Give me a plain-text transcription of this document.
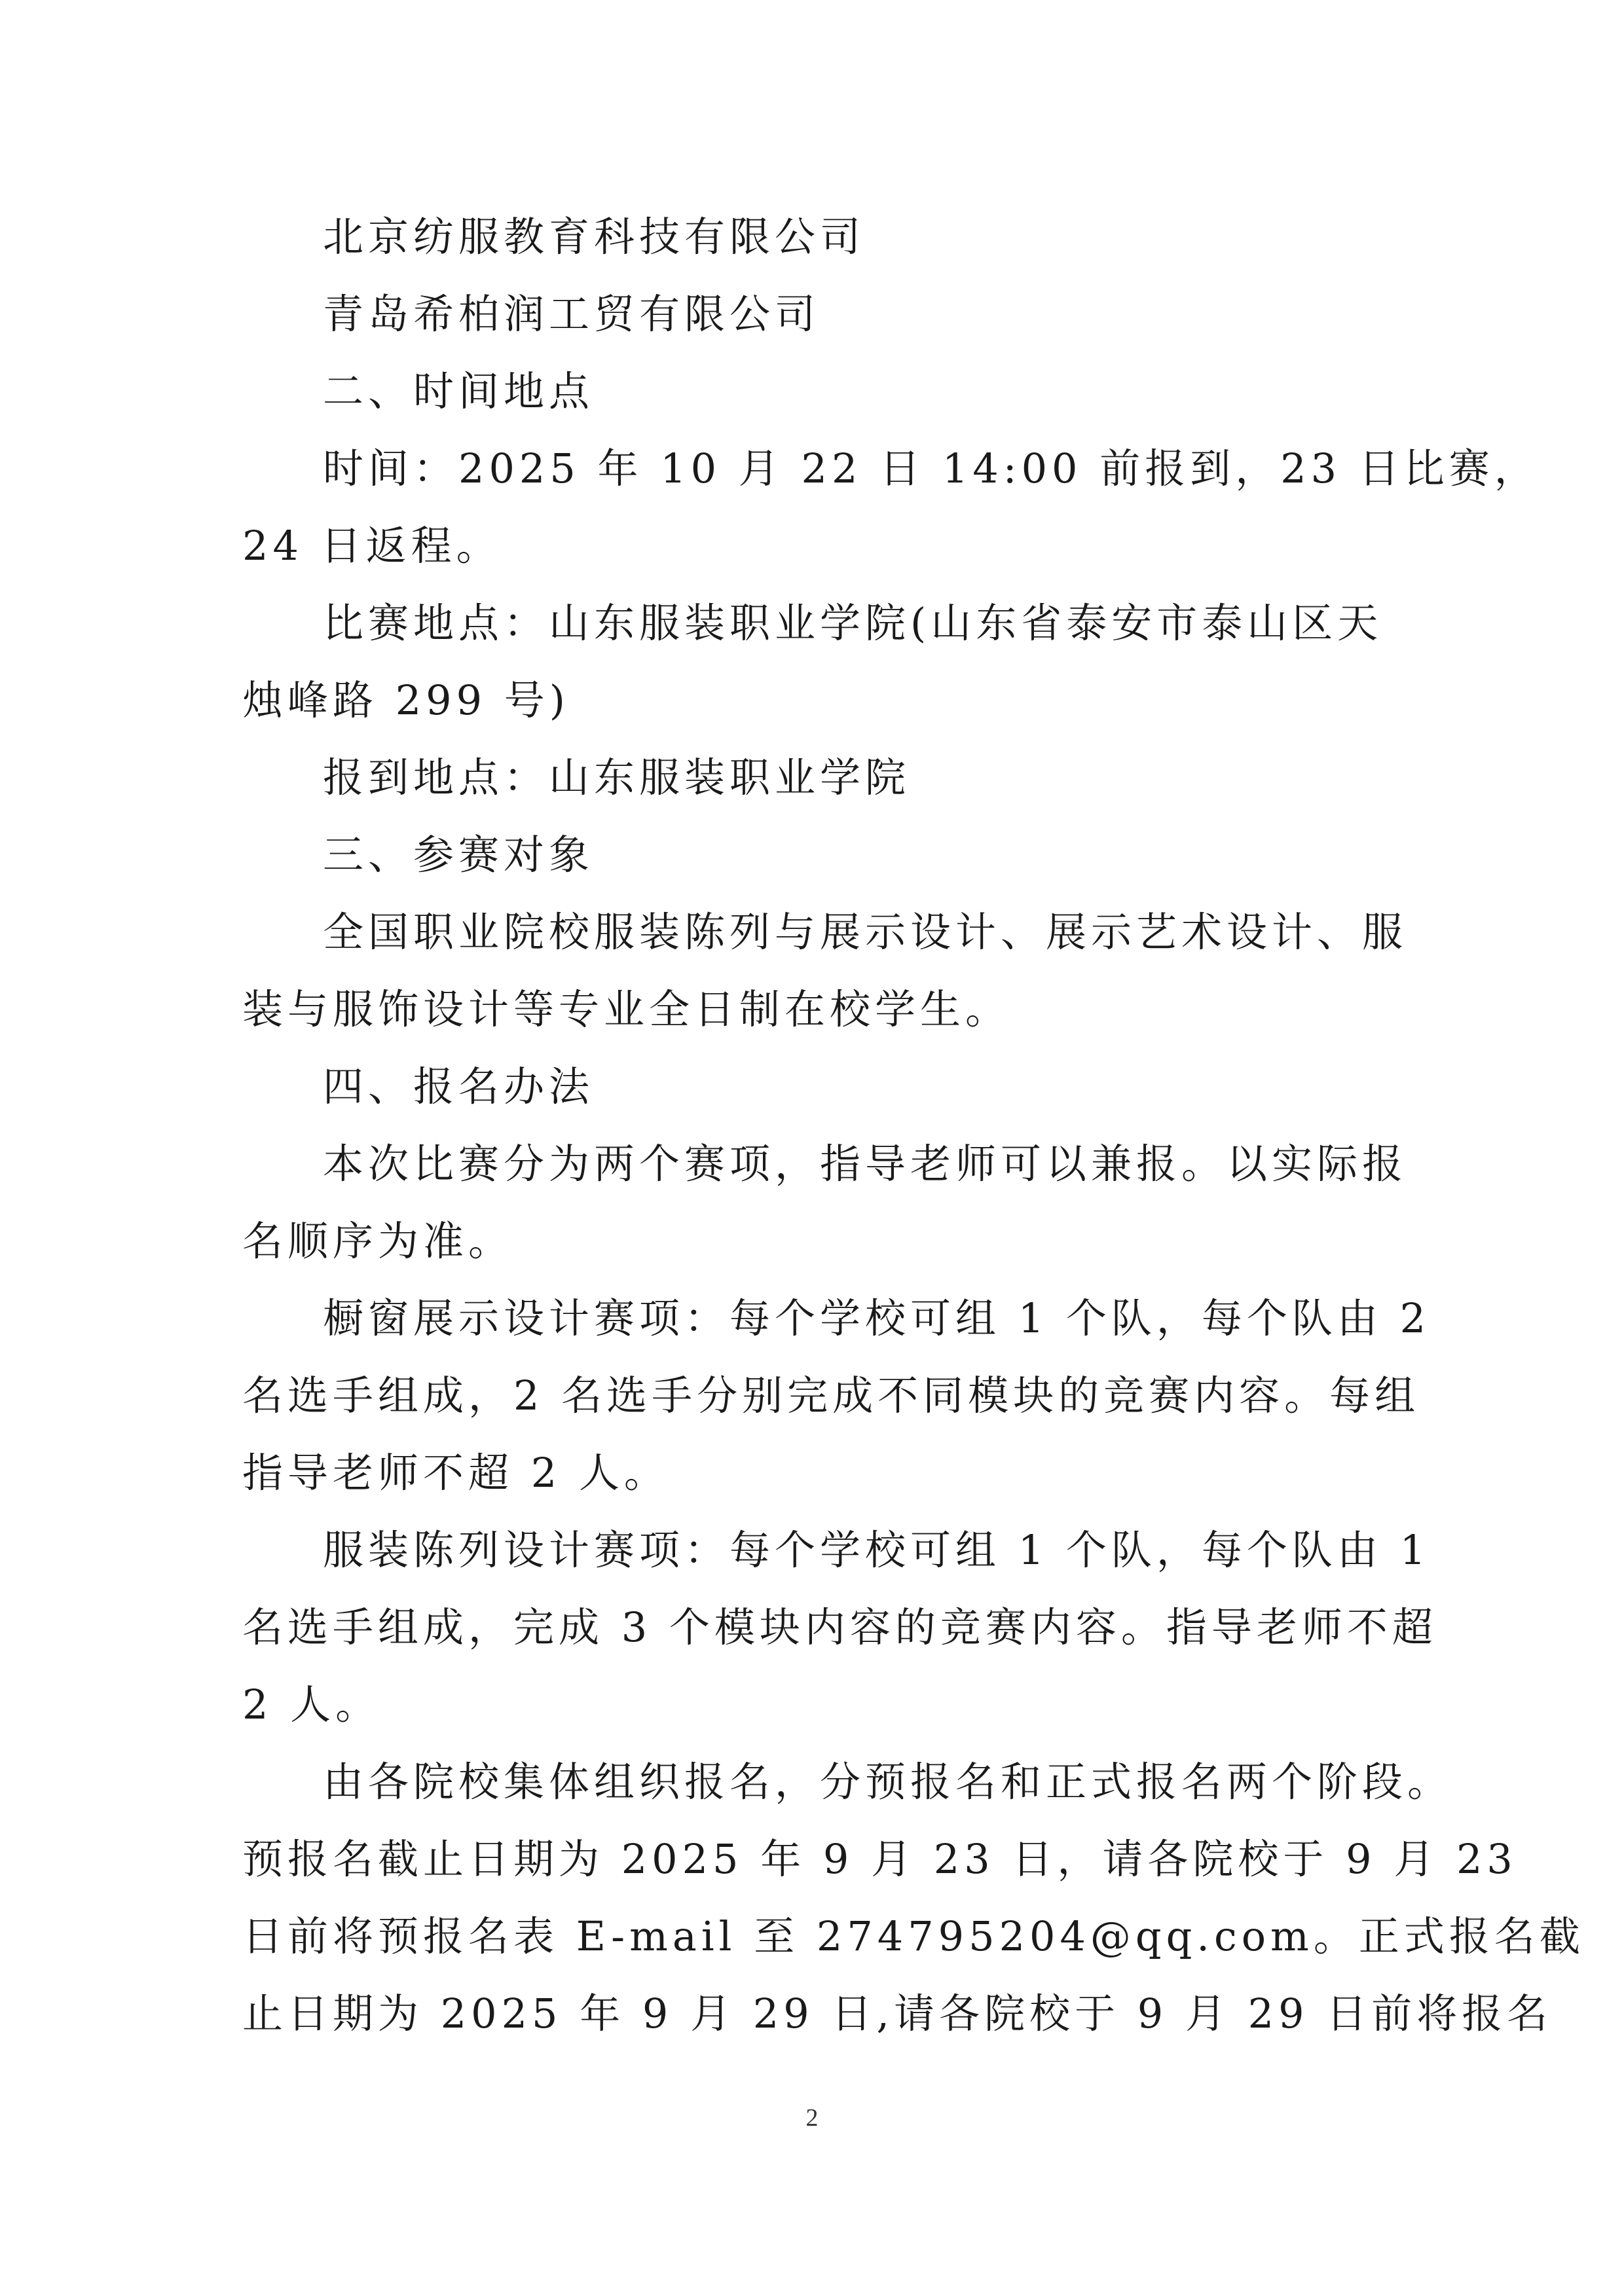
北京纺服教育科技有限公司
青岛希柏润工贸有限公司
二、时间地点
时间：2025 年 10 月 22 日 14:00 前报到，23 日比赛，
24 日返程。
比赛地点：山东服装职业学院(山东省泰安市泰山区天
烛峰路 299 号)
报到地点：山东服装职业学院
三、参赛对象
全国职业院校服装陈列与展示设计、展示艺术设计、服
装与服饰设计等专业全日制在校学生。
四、报名办法
本次比赛分为两个赛项，指导老师可以兼报。以实际报
名顺序为准。
橱窗展示设计赛项：每个学校可组 1 个队，每个队由 2
名选手组成，2 名选手分别完成不同模块的竞赛内容。每组
指导老师不超 2 人。
服装陈列设计赛项：每个学校可组 1 个队，每个队由 1
名选手组成，完成 3 个模块内容的竞赛内容。指导老师不超
2 人。
由各院校集体组织报名，分预报名和正式报名两个阶段。
预报名截止日期为 2025 年 9 月 23 日，请各院校于 9 月 23
日前将预报名表 E-mail 至 274795204@qq.com。正式报名截
止日期为 2025 年 9 月 29 日,请各院校于 9 月 29 日前将报名
2
